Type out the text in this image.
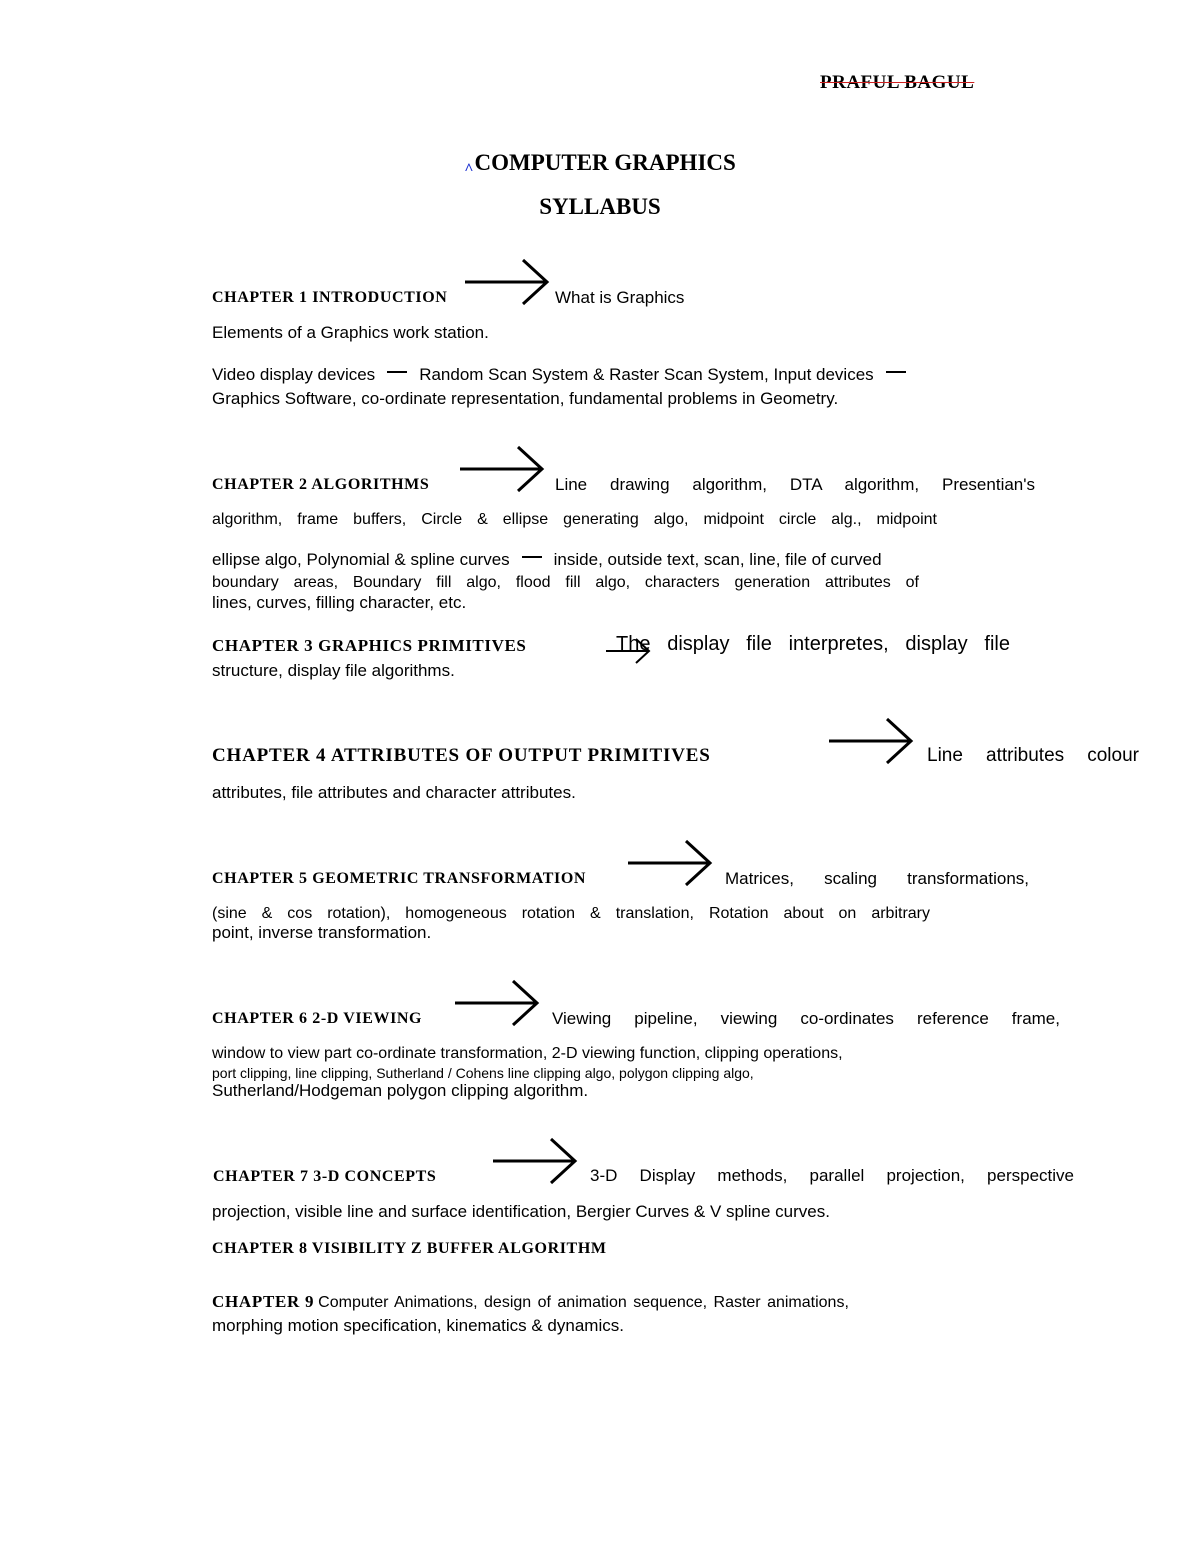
PRAFUL BAGUL
^COMPUTER GRAPHICS
SYLLABUS
CHAPTER 1 INTRODUCTION	What is Graphics
Elements of a Graphics work station.
Video display devices	Random Scan System & Raster Scan System, Input devices
Graphics Software, co-ordinate representation, fundamental problems in Geometry.
CHAPTER 2 ALGORITHMS	Line drawing algorithm, DTA algorithm, Presentian's
algorithm, frame buffers, Circle & ellipse generating algo, midpoint circle alg., midpoint
ellipse algo, Polynomial & spline curves	inside, outside text, scan, line, file of curved
boundary areas, Boundary fill algo, flood fill algo, characters generation attributes of
lines, curves, filling character, etc.
CHAPTER 3 GRAPHICS PRIMITIVES	The display file interpretes, display file
structure, display file algorithms.
CHAPTER 4 ATTRIBUTES OF OUTPUT PRIMITIVES	Line attributes colour
attributes, file attributes and character attributes.
CHAPTER 5 GEOMETRIC TRANSFORMATION	Matrices, scaling transformations,
(sine & cos rotation), homogeneous rotation & translation, Rotation about on arbitrary
point, inverse transformation.
CHAPTER 6 2-D VIEWING	Viewing pipeline, viewing co-ordinates reference frame,
window to view part co-ordinate transformation, 2-D viewing function, clipping operations,
port clipping, line clipping, Sutherland / Cohens line clipping algo, polygon clipping algo,
Sutherland/Hodgeman polygon clipping algorithm.
CHAPTER 7 3-D CONCEPTS	3-D Display methods, parallel projection, perspective
projection, visible line and surface identification, Bergier Curves & V spline curves.
CHAPTER 8 VISIBILITY Z BUFFER ALGORITHM
CHAPTER 9 Computer Animations, design of animation sequence, Raster animations,
morphing motion specification, kinematics & dynamics.
